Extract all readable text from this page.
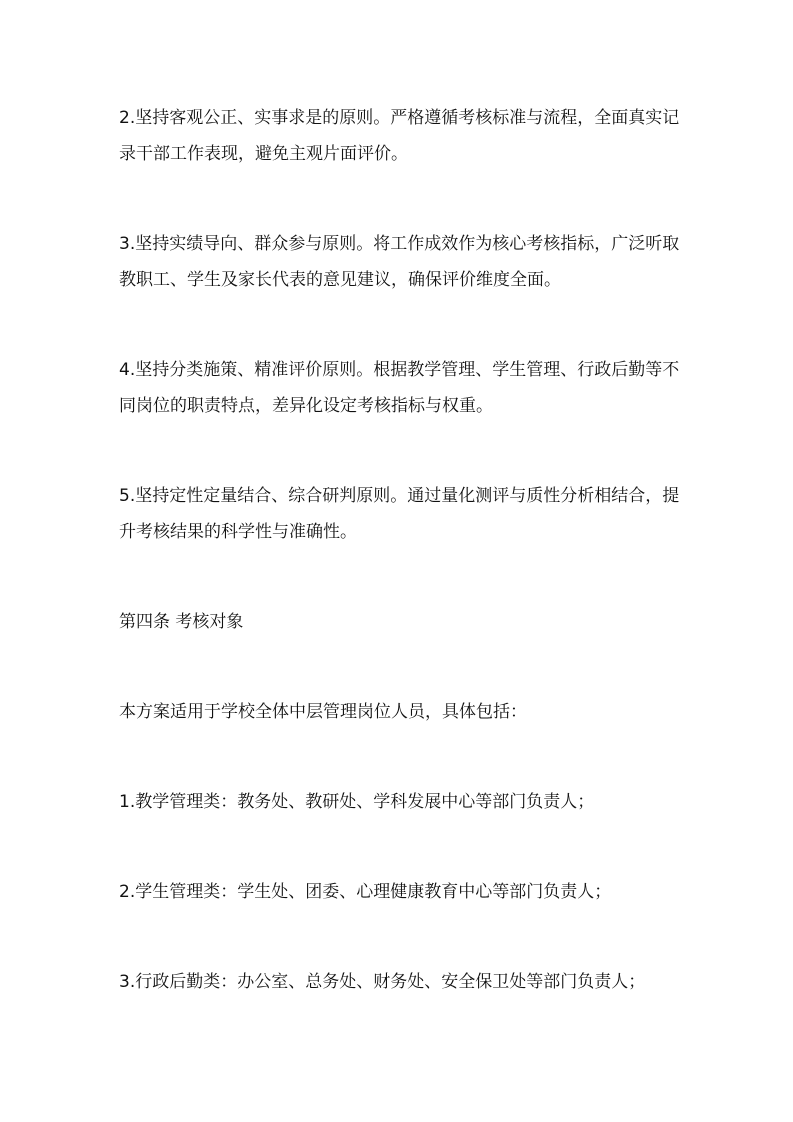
2.坚持客观公正、实事求是的原则。严格遵循考核标准与流程，全面真实记录干部工作表现，避免主观片面评价。

3.坚持实绩导向、群众参与原则。将工作成效作为核心考核指标，广泛听取教职工、学生及家长代表的意见建议，确保评价维度全面。

4.坚持分类施策、精准评价原则。根据教学管理、学生管理、行政后勤等不同岗位的职责特点，差异化设定考核指标与权重。

5.坚持定性定量结合、综合研判原则。通过量化测评与质性分析相结合，提升考核结果的科学性与准确性。

第四条 考核对象

本方案适用于学校全体中层管理岗位人员，具体包括：

1.教学管理类：教务处、教研处、学科发展中心等部门负责人；

2.学生管理类：学生处、团委、心理健康教育中心等部门负责人；

3.行政后勤类：办公室、总务处、财务处、安全保卫处等部门负责人；
